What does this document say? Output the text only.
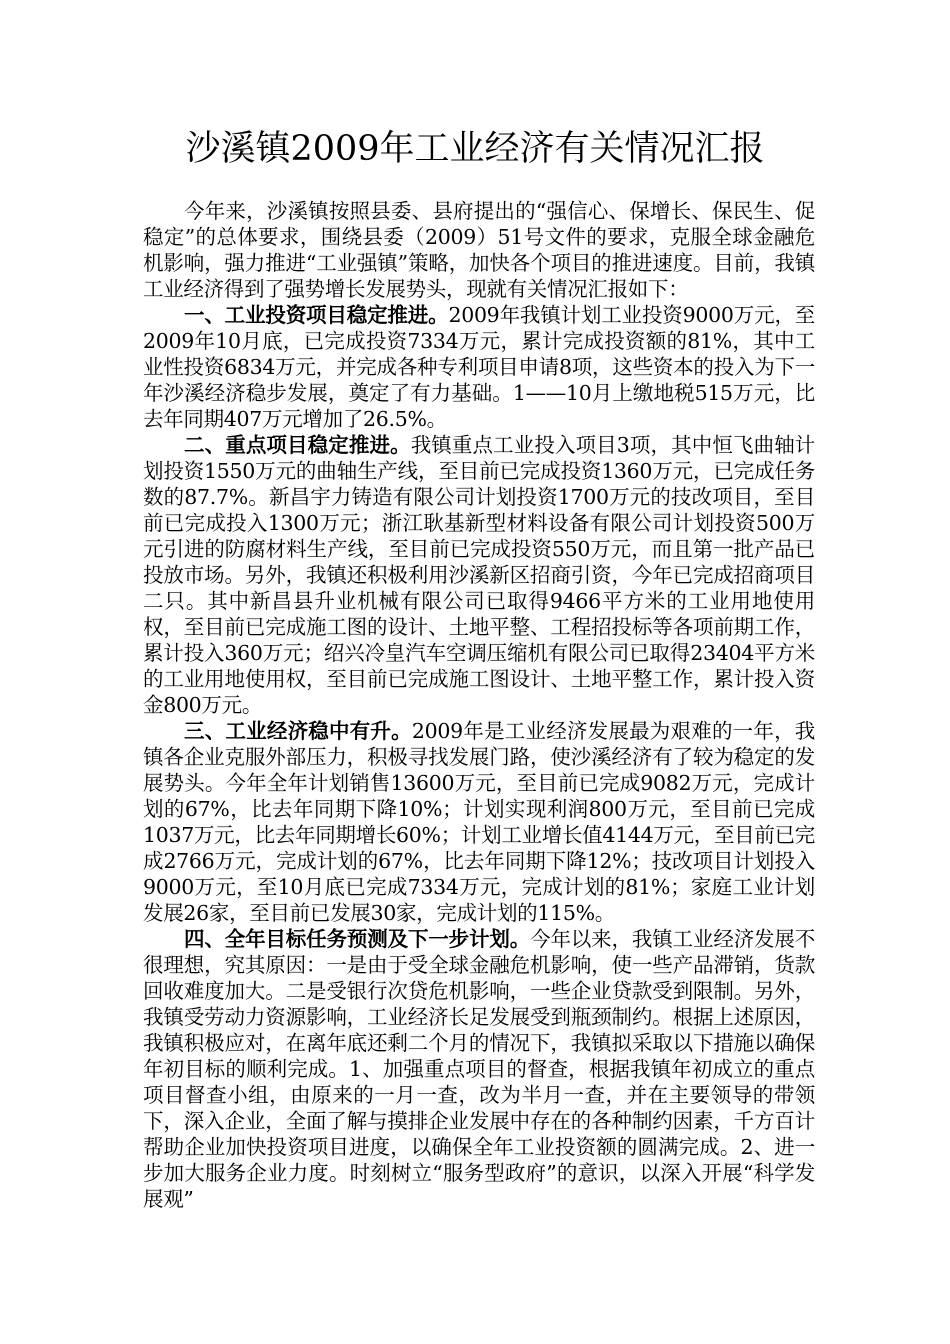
沙溪镇2009年工业经济有关情况汇报

今年来，沙溪镇按照县委、县府提出的“强信心、保增长、保民生、促稳定”的总体要求，围绕县委（2009）51号文件的要求，克服全球金融危机影响，强力推进“工业强镇”策略，加快各个项目的推进速度。目前，我镇工业经济得到了强势增长发展势头，现就有关情况汇报如下：

一、工业投资项目稳定推进。2009年我镇计划工业投资9000万元，至2009年10月底，已完成投资7334万元，累计完成投资额的81%，其中工业性投资6834万元，并完成各种专利项目申请8项，这些资本的投入为下一年沙溪经济稳步发展，奠定了有力基础。1——10月上缴地税515万元，比去年同期407万元增加了26.5%。

二、重点项目稳定推进。我镇重点工业投入项目3项，其中恒飞曲轴计划投资1550万元的曲轴生产线，至目前已完成投资1360万元，已完成任务数的87.7%。新昌宇力铸造有限公司计划投资1700万元的技改项目，至目前已完成投入1300万元；浙江耿基新型材料设备有限公司计划投资500万元引进的防腐材料生产线，至目前已完成投资550万元，而且第一批产品已投放市场。另外，我镇还积极利用沙溪新区招商引资，今年已完成招商项目二只。其中新昌县升业机械有限公司已取得9466平方米的工业用地使用权，至目前已完成施工图的设计、土地平整、工程招投标等各项前期工作，累计投入360万元；绍兴冷皇汽车空调压缩机有限公司已取得23404平方米的工业用地使用权，至目前已完成施工图设计、土地平整工作，累计投入资金800万元。

三、工业经济稳中有升。2009年是工业经济发展最为艰难的一年，我镇各企业克服外部压力，积极寻找发展门路，使沙溪经济有了较为稳定的发展势头。今年全年计划销售13600万元，至目前已完成9082万元，完成计划的67%，比去年同期下降10%；计划实现利润800万元，至目前已完成1037万元，比去年同期增长60%；计划工业增长值4144万元，至目前已完成2766万元，完成计划的67%，比去年同期下降12%；技改项目计划投入9000万元，至10月底已完成7334万元，完成计划的81%；家庭工业计划发展26家，至目前已发展30家，完成计划的115%。

四、全年目标任务预测及下一步计划。今年以来，我镇工业经济发展不很理想，究其原因：一是由于受全球金融危机影响，使一些产品滞销，货款回收难度加大。二是受银行次贷危机影响，一些企业贷款受到限制。另外，我镇受劳动力资源影响，工业经济长足发展受到瓶颈制约。根据上述原因，我镇积极应对，在离年底还剩二个月的情况下，我镇拟采取以下措施以确保年初目标的顺利完成。1、加强重点项目的督查，根据我镇年初成立的重点项目督查小组，由原来的一月一查，改为半月一查，并在主要领导的带领下，深入企业，全面了解与摸排企业发展中存在的各种制约因素，千方百计帮助企业加快投资项目进度，以确保全年工业投资额的圆满完成。2、进一步加大服务企业力度。时刻树立“服务型政府”的意识，以深入开展“科学发展观”
